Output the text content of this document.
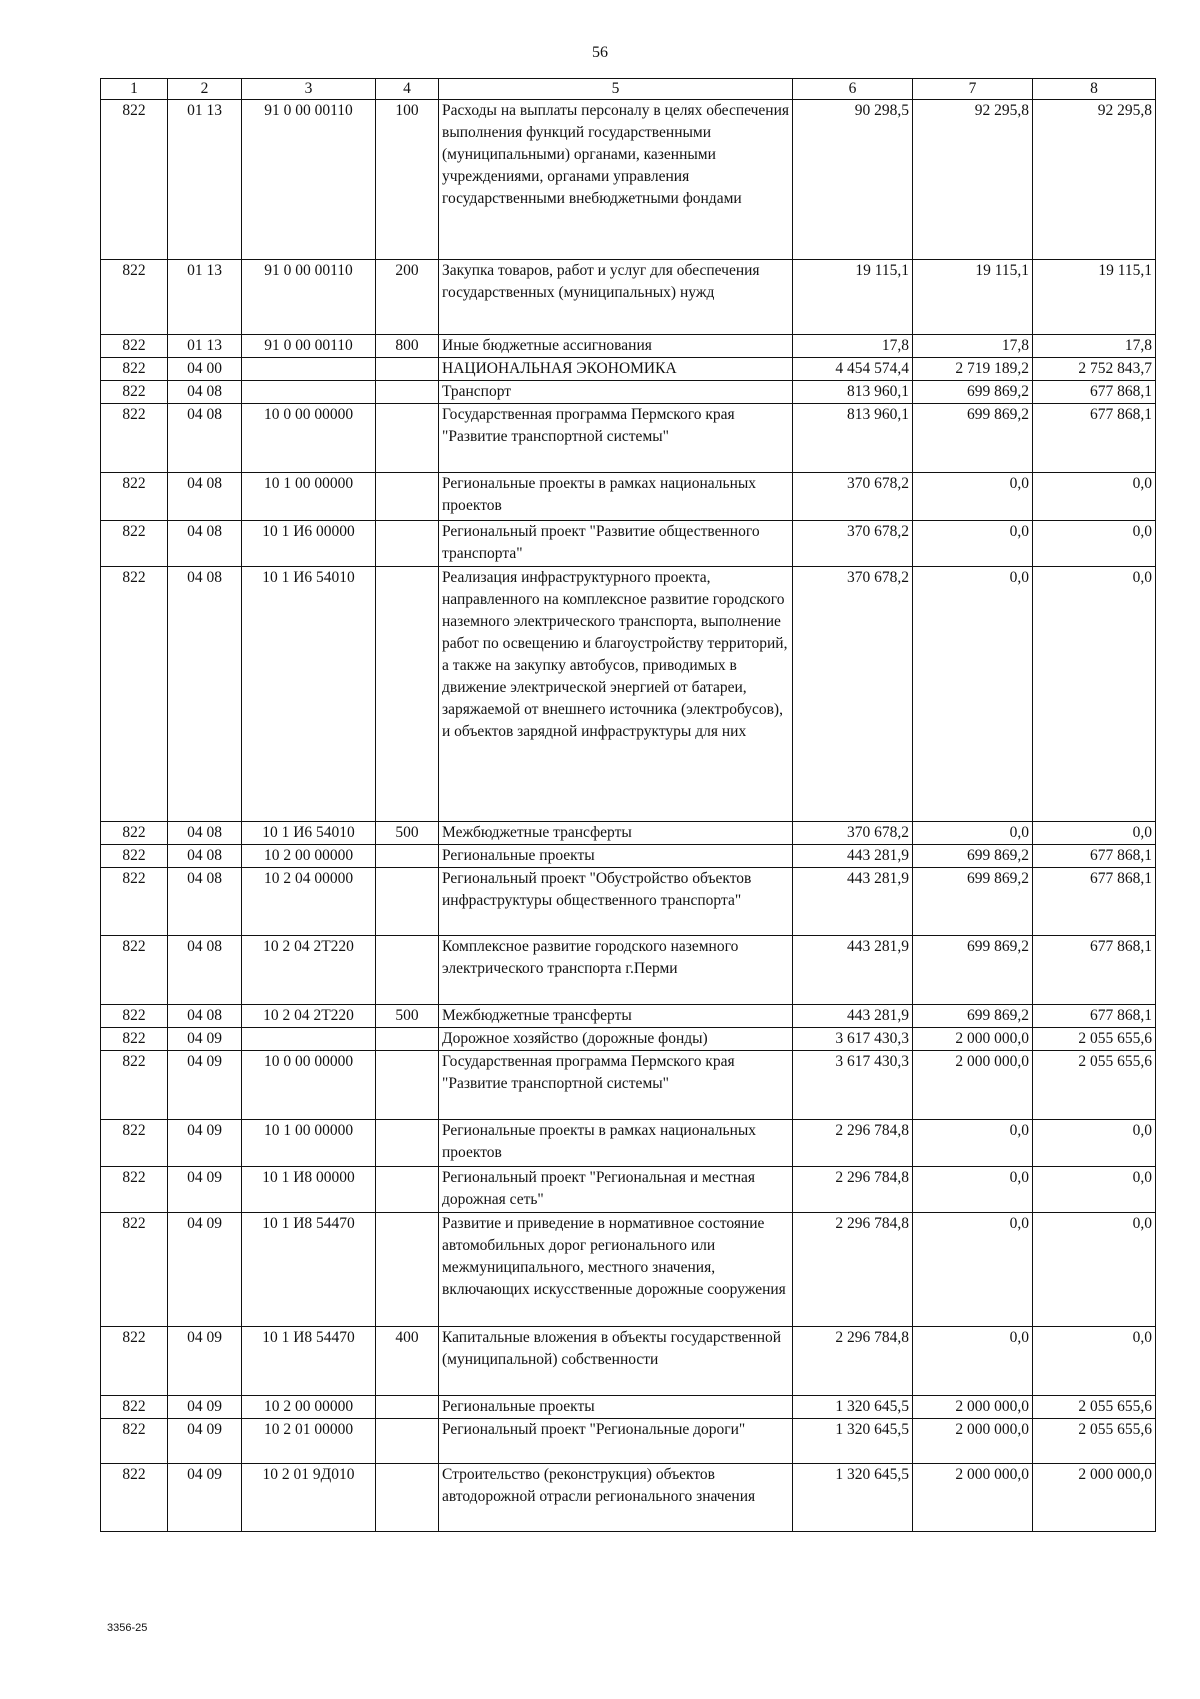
56
1	2	3	4	5	6	7	8
822	01 13	91 0 00 00110	100	Расходы на выплаты персоналу в целях обеспечения выполнения функций государственными (муниципальными) органами, казенными учреждениями, органами управления государственными внебюджетными фондами	90 298,5	92 295,8	92 295,8
822	01 13	91 0 00 00110	200	Закупка товаров, работ и услуг для обеспечения государственных (муниципальных) нужд	19 115,1	19 115,1	19 115,1
822	01 13	91 0 00 00110	800	Иные бюджетные ассигнования	17,8	17,8	17,8
822	04 00			НАЦИОНАЛЬНАЯ ЭКОНОМИКА	4 454 574,4	2 719 189,2	2 752 843,7
822	04 08			Транспорт	813 960,1	699 869,2	677 868,1
822	04 08	10 0 00 00000		Государственная программа Пермского края "Развитие транспортной системы"	813 960,1	699 869,2	677 868,1
822	04 08	10 1 00 00000		Региональные проекты в рамках национальных проектов	370 678,2	0,0	0,0
822	04 08	10 1 И6 00000		Региональный проект "Развитие общественного транспорта"	370 678,2	0,0	0,0
822	04 08	10 1 И6 54010		Реализация инфраструктурного проекта, направленного на комплексное развитие городского наземного электрического транспорта, выполнение работ по освещению и благоустройству территорий, а также на закупку автобусов, приводимых в движение электрической энергией от батареи, заряжаемой от внешнего источника (электробусов), и объектов зарядной инфраструктуры для них	370 678,2	0,0	0,0
822	04 08	10 1 И6 54010	500	Межбюджетные трансферты	370 678,2	0,0	0,0
822	04 08	10 2 00 00000		Региональные проекты	443 281,9	699 869,2	677 868,1
822	04 08	10 2 04 00000		Региональный проект "Обустройство объектов инфраструктуры общественного транспорта"	443 281,9	699 869,2	677 868,1
822	04 08	10 2 04 2Т220		Комплексное развитие городского наземного электрического транспорта г.Перми	443 281,9	699 869,2	677 868,1
822	04 08	10 2 04 2Т220	500	Межбюджетные трансферты	443 281,9	699 869,2	677 868,1
822	04 09			Дорожное хозяйство (дорожные фонды)	3 617 430,3	2 000 000,0	2 055 655,6
822	04 09	10 0 00 00000		Государственная программа Пермского края "Развитие транспортной системы"	3 617 430,3	2 000 000,0	2 055 655,6
822	04 09	10 1 00 00000		Региональные проекты в рамках национальных проектов	2 296 784,8	0,0	0,0
822	04 09	10 1 И8 00000		Региональный проект "Региональная и местная дорожная сеть"	2 296 784,8	0,0	0,0
822	04 09	10 1 И8 54470		Развитие и приведение в нормативное состояние автомобильных дорог регионального или межмуниципального, местного значения, включающих искусственные дорожные сооружения	2 296 784,8	0,0	0,0
822	04 09	10 1 И8 54470	400	Капитальные вложения в объекты государственной (муниципальной) собственности	2 296 784,8	0,0	0,0
822	04 09	10 2 00 00000		Региональные проекты	1 320 645,5	2 000 000,0	2 055 655,6
822	04 09	10 2 01 00000		Региональный проект "Региональные дороги"	1 320 645,5	2 000 000,0	2 055 655,6
822	04 09	10 2 01 9Д010		Строительство (реконструкция) объектов автодорожной отрасли регионального значения	1 320 645,5	2 000 000,0	2 000 000,0
3356-25
